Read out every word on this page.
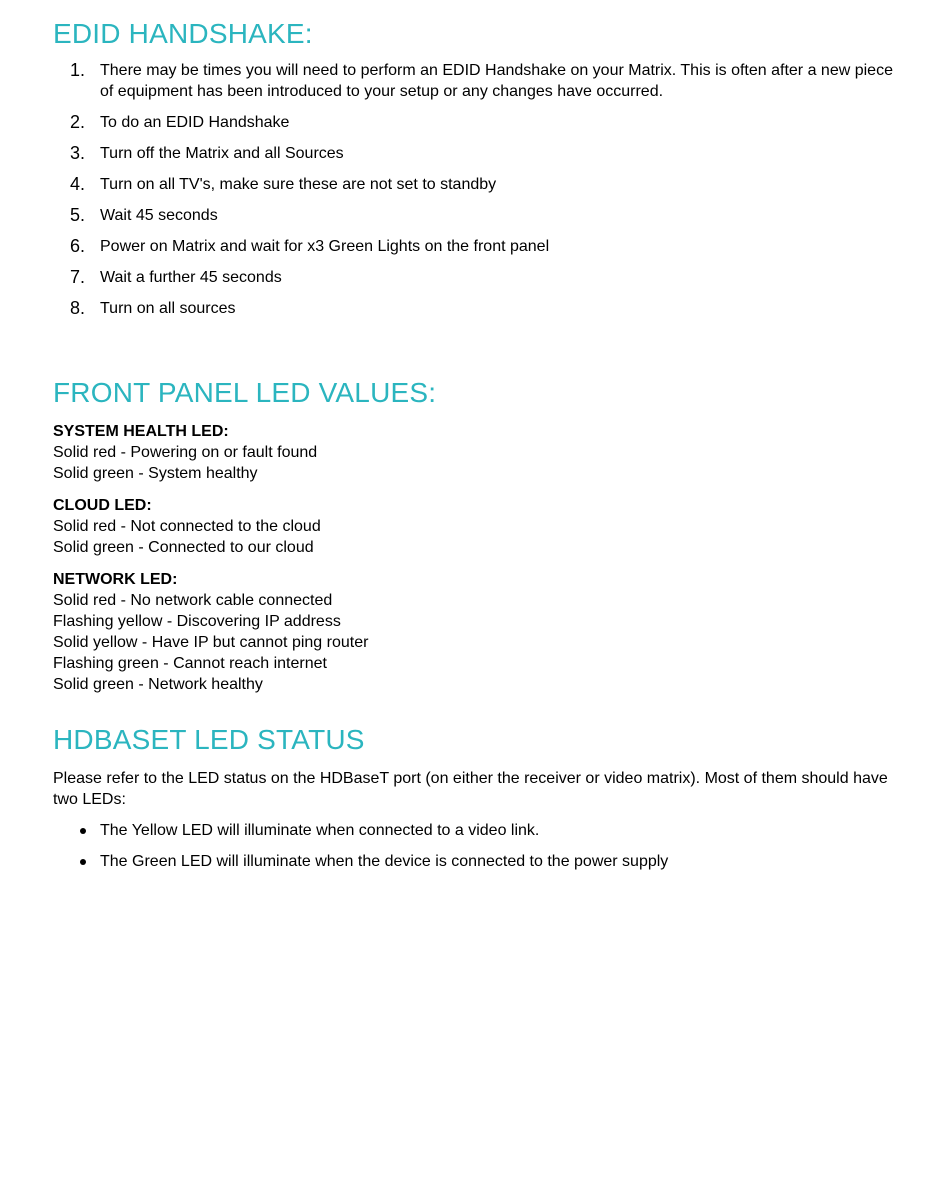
EDID HANDSHAKE:
1. There may be times you will need to perform an EDID Handshake on your Matrix. This is often after a new piece of equipment has been introduced to your setup or any changes have occurred.
2. To do an EDID Handshake
3. Turn off the Matrix and all Sources
4. Turn on all TV's, make sure these are not set to standby
5. Wait 45 seconds
6. Power on Matrix and wait for x3 Green Lights on the front panel
7. Wait a further 45 seconds
8. Turn on all sources
FRONT PANEL LED VALUES:
SYSTEM HEALTH LED:
Solid red - Powering on or fault found
Solid green - System healthy
CLOUD LED:
Solid red - Not connected to the cloud
Solid green - Connected to our cloud
NETWORK LED:
Solid red - No network cable connected
Flashing yellow - Discovering IP address
Solid yellow - Have IP but cannot ping router
Flashing green - Cannot reach internet
Solid green - Network healthy
HDBASET LED STATUS

Please refer to the LED status on the HDBaseT port (on either the receiver or video matrix). Most of them should have two LEDs:

The Yellow LED will illuminate when connected to a video link.
The Green LED will illuminate when the device is connected to the power supply
